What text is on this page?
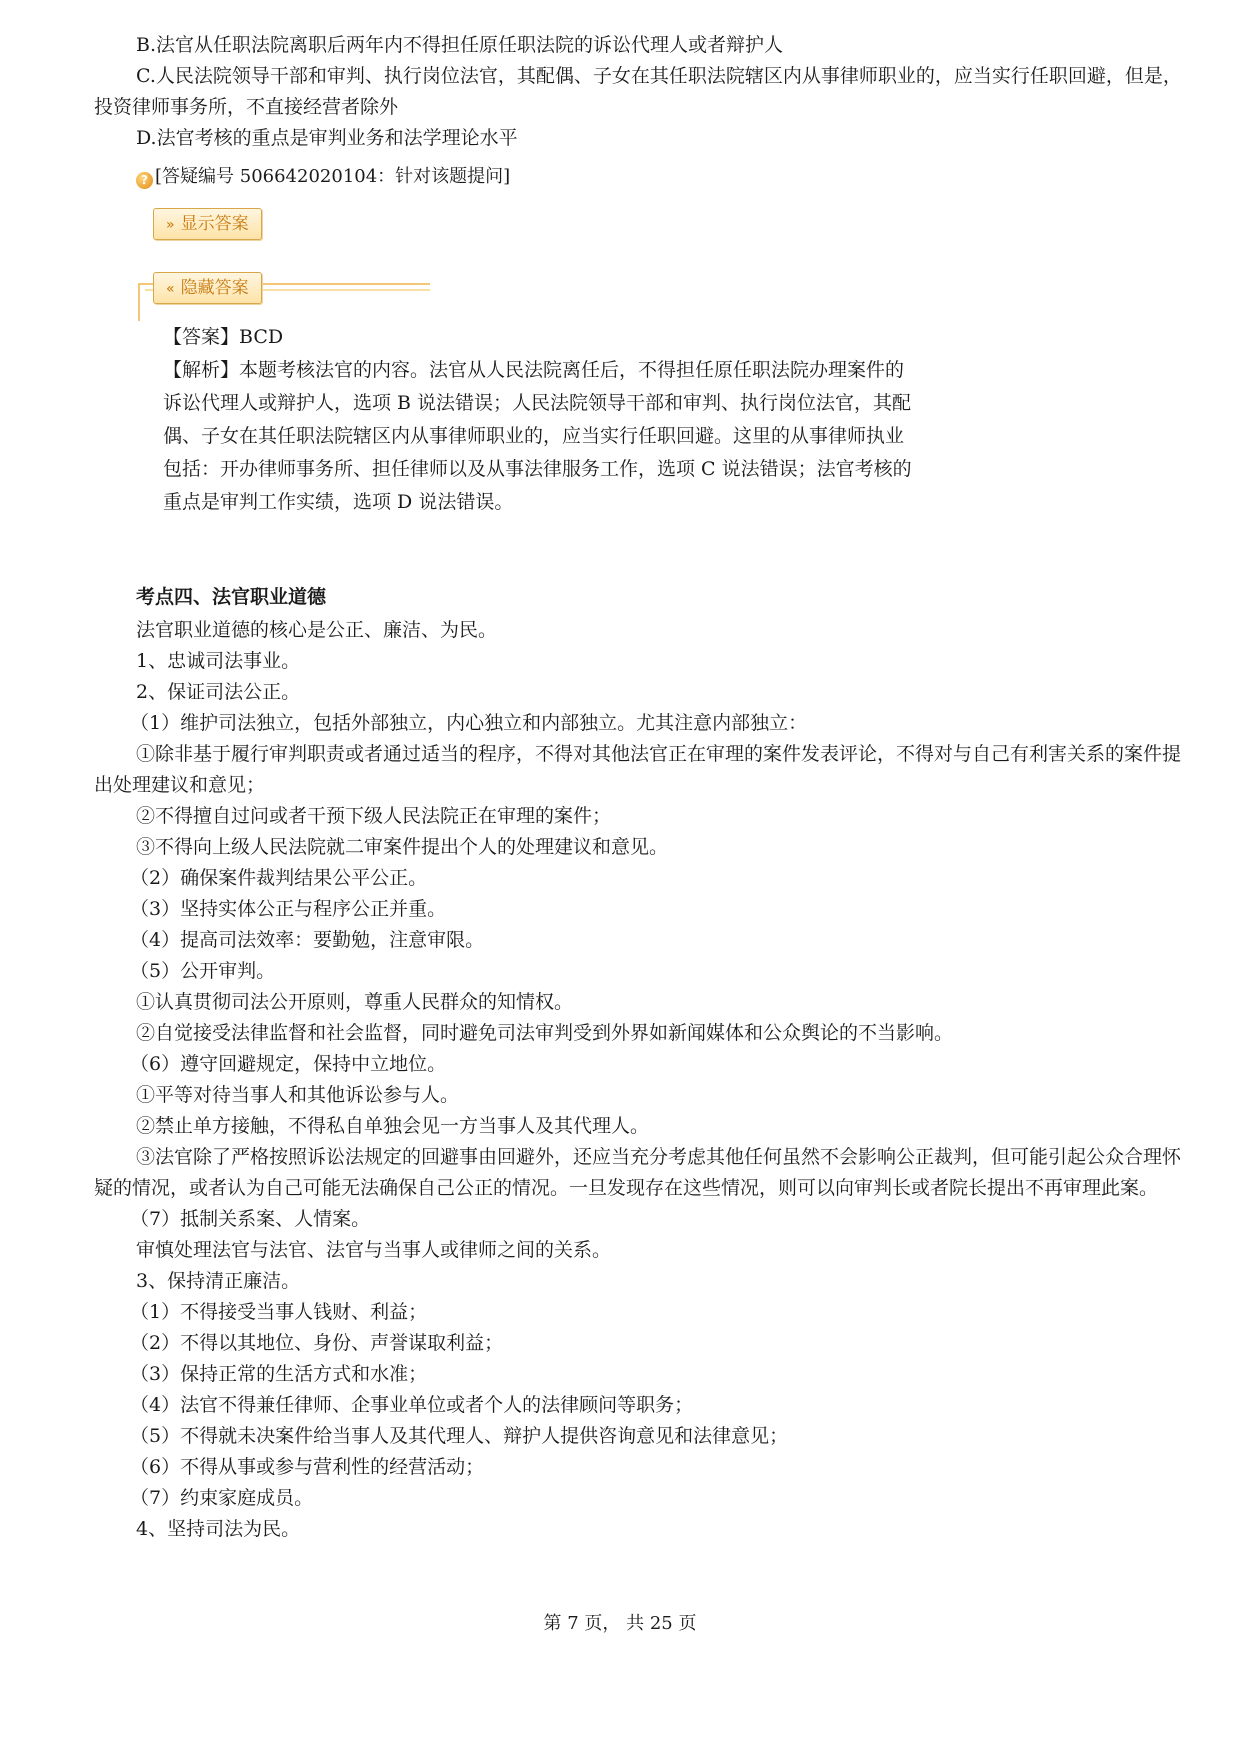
B.法官从任职法院离职后两年内不得担任原任职法院的诉讼代理人或者辩护人

C.人民法院领导干部和审判、执行岗位法官，其配偶、子女在其任职法院辖区内从事律师职业的，应当实行任职回避，但是，投资律师事务所，不直接经营者除外

D.法官考核的重点是审判业务和法学理论水平

? [答疑编号 506642020104：针对该题提问]
» 显示答案
« 隐藏答案
【答案】BCD
【解析】本题考核法官的内容。法官从人民法院离任后，不得担任原任职法院办理案件的
诉讼代理人或辩护人，选项 B 说法错误；人民法院领导干部和审判、执行岗位法官，其配
偶、子女在其任职法院辖区内从事律师职业的，应当实行任职回避。这里的从事律师执业
包括：开办律师事务所、担任律师以及从事法律服务工作，选项 C 说法错误；法官考核的
重点是审判工作实绩，选项 D 说法错误。
考点四、法官职业道德

法官职业道德的核心是公正、廉洁、为民。

1、忠诚司法事业。

2、保证司法公正。

（1）维护司法独立，包括外部独立，内心独立和内部独立。尤其注意内部独立：

①除非基于履行审判职责或者通过适当的程序，不得对其他法官正在审理的案件发表评论，不得对与自己有利害关系的案件提出处理建议和意见；

②不得擅自过问或者干预下级人民法院正在审理的案件；

③不得向上级人民法院就二审案件提出个人的处理建议和意见。

（2）确保案件裁判结果公平公正。

（3）坚持实体公正与程序公正并重。

（4）提高司法效率：要勤勉，注意审限。

（5）公开审判。

①认真贯彻司法公开原则，尊重人民群众的知情权。

②自觉接受法律监督和社会监督，同时避免司法审判受到外界如新闻媒体和公众舆论的不当影响。

（6）遵守回避规定，保持中立地位。

①平等对待当事人和其他诉讼参与人。

②禁止单方接触，不得私自单独会见一方当事人及其代理人。

③法官除了严格按照诉讼法规定的回避事由回避外，还应当充分考虑其他任何虽然不会影响公正裁判，但可能引起公众合理怀疑的情况，或者认为自己可能无法确保自己公正的情况。一旦发现存在这些情况，则可以向审判长或者院长提出不再审理此案。

（7）抵制关系案、人情案。

审慎处理法官与法官、法官与当事人或律师之间的关系。

3、保持清正廉洁。

（1）不得接受当事人钱财、利益；

（2）不得以其地位、身份、声誉谋取利益；

（3）保持正常的生活方式和水准；

（4）法官不得兼任律师、企事业单位或者个人的法律顾问等职务；

（5）不得就未决案件给当事人及其代理人、辩护人提供咨询意见和法律意见；

（6）不得从事或参与营利性的经营活动；

（7）约束家庭成员。

4、坚持司法为民。

第 7 页， 共 25 页
